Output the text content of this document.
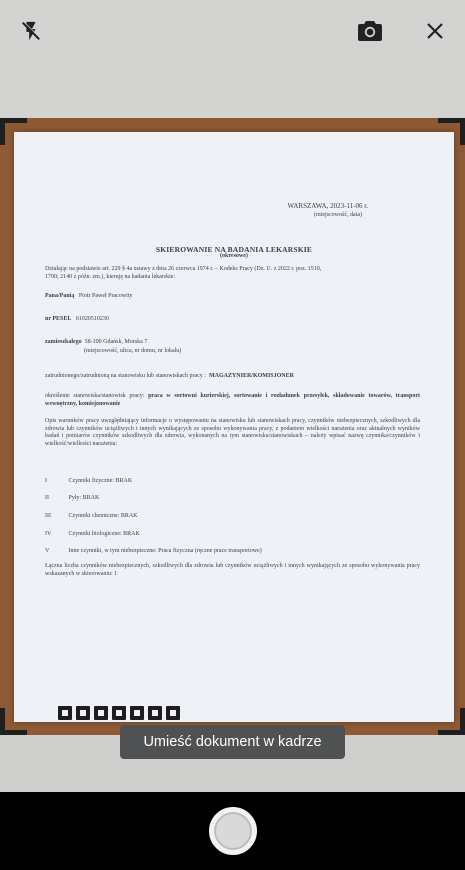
WARSZAWA, 2023-11-06 r.
(miejscowość, data)
SKIEROWANIE NA BADANIA LEKARSKIE
(okresowe)
Działając na podstawie art. 229 § 4a ustawy z dnia 26 czerwca 1974 r. – Kodeks Pracy (Dz. U. z 2022 r. poz. 1510,
1700; 2140 z późn. zm.), kieruję na badania lekarskie:
Pana/Panią Piotr Paweł Pracowity
nr PESEL 61020510230
zamieszkałego 58-100 Gdańsk, Morska 7
(miejscowość, ulica, nr domu, nr lokalu)
zatrudnionego/zatrudnioną na stanowisku lub stanowiskach pracy : MAGAZYNIER/KOMISJONER
określenie stanowiska/stanowisk pracy: praca w sortowni kurierskiej, sortowanie i rozładunek przesyłek, składowanie towarów, transport wewnętrzny, komisjonowanie
Opis warunków pracy uwzględniający informacje o występowaniu na stanowisku lub stanowiskach pracy, czynników niebezpiecznych, szkodliwych dla zdrowia lub czynników uciążliwych i innych wynikających ze sposobu wykonywania pracy, z podaniem wielkości narażenia oraz aktualnych wyników badań i pomiarów czynników szkodliwych dla zdrowia, wykonanych na tym stanowisku/stanowiskach – należy wpisać nazwę czynnika/czynników i wielkość/wielkości narażenia:
I	Czynniki fizyczne: BRAK
II	Pyły: BRAK
III	Czynniki chemiczne: BRAK
IV	Czynniki biologiczne: BRAK
V	Inne czynniki, w tym niebezpieczne: Praca fizyczna (ręczne prace transportowe)
Łączna liczba czynników niebezpiecznych, szkodliwych dla zdrowia lub czynników uciążliwych i innych wynikających ze sposobu wykonywania pracy wskazanych w skierowaniu: 1
Umieść dokument w kadrze
